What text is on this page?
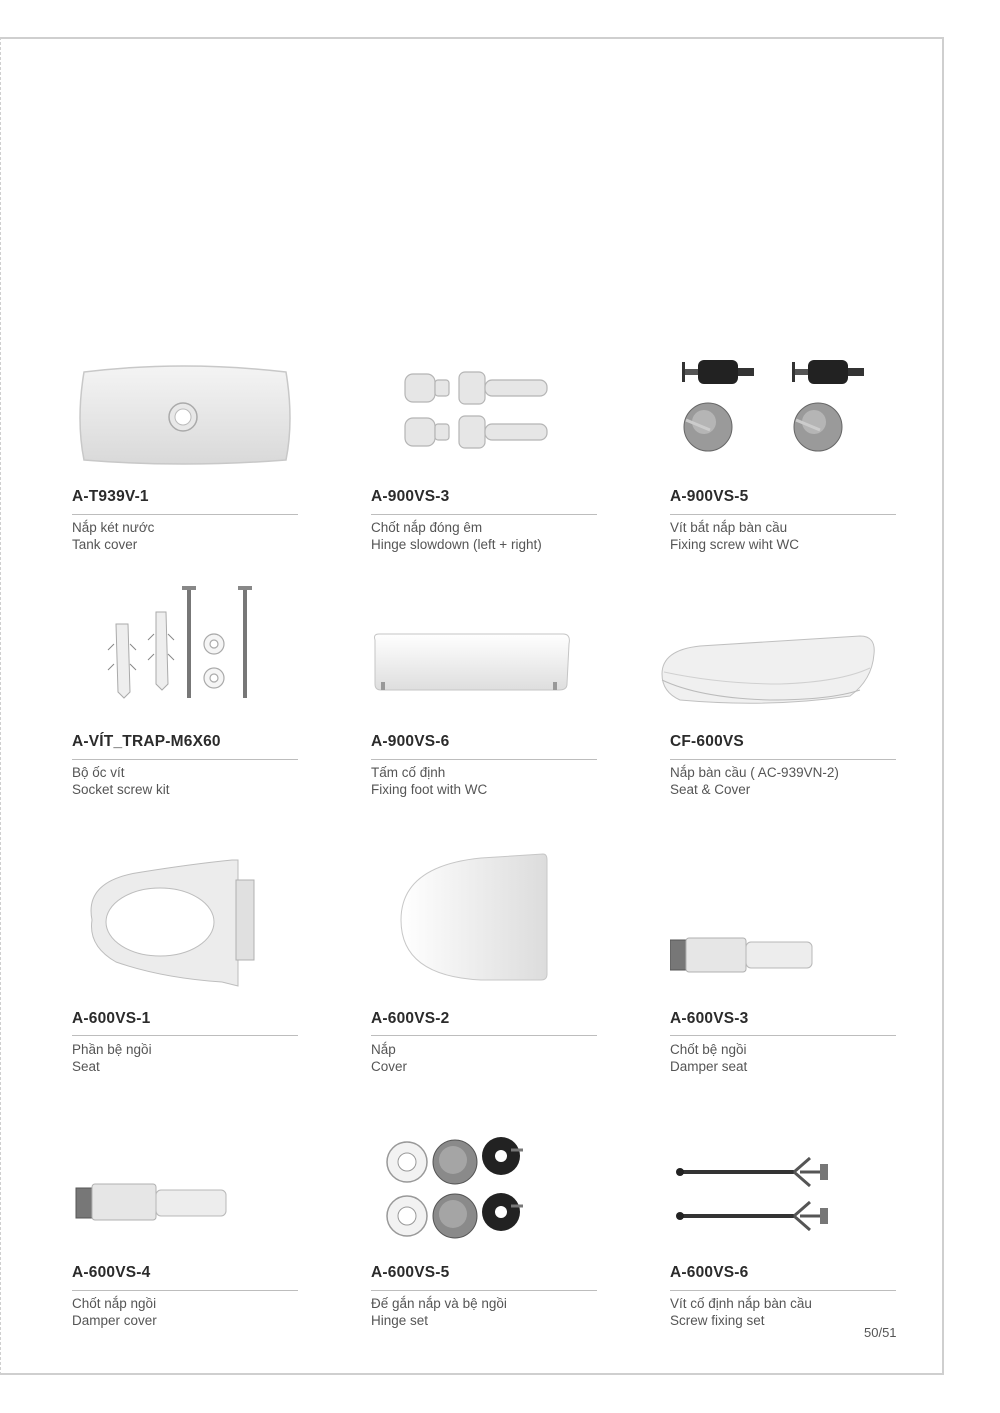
A-T939V-1
Nắp két nước
Tank cover
A-900VS-3
Chốt nắp đóng êm
Hinge slowdown (left + right)
A-900VS-5
Vít bắt nắp bàn cầu
Fixing screw wiht WC
A-VÍT_TRAP-M6X60
Bộ ốc vít
Socket screw kit
A-900VS-6
Tấm cố định
Fixing foot with WC
CF-600VS
Nắp bàn cầu ( AC-939VN-2)
Seat & Cover
A-600VS-1
Phần bệ ngồi
Seat
A-600VS-2
Nắp
Cover
A-600VS-3
Chốt bệ ngồi
Damper seat
A-600VS-4
Chốt nắp ngồi
Damper cover
A-600VS-5
Đế gắn nắp và bệ ngồi
Hinge set
A-600VS-6
Vít cố định nắp bàn cầu
Screw fixing set
50/51
